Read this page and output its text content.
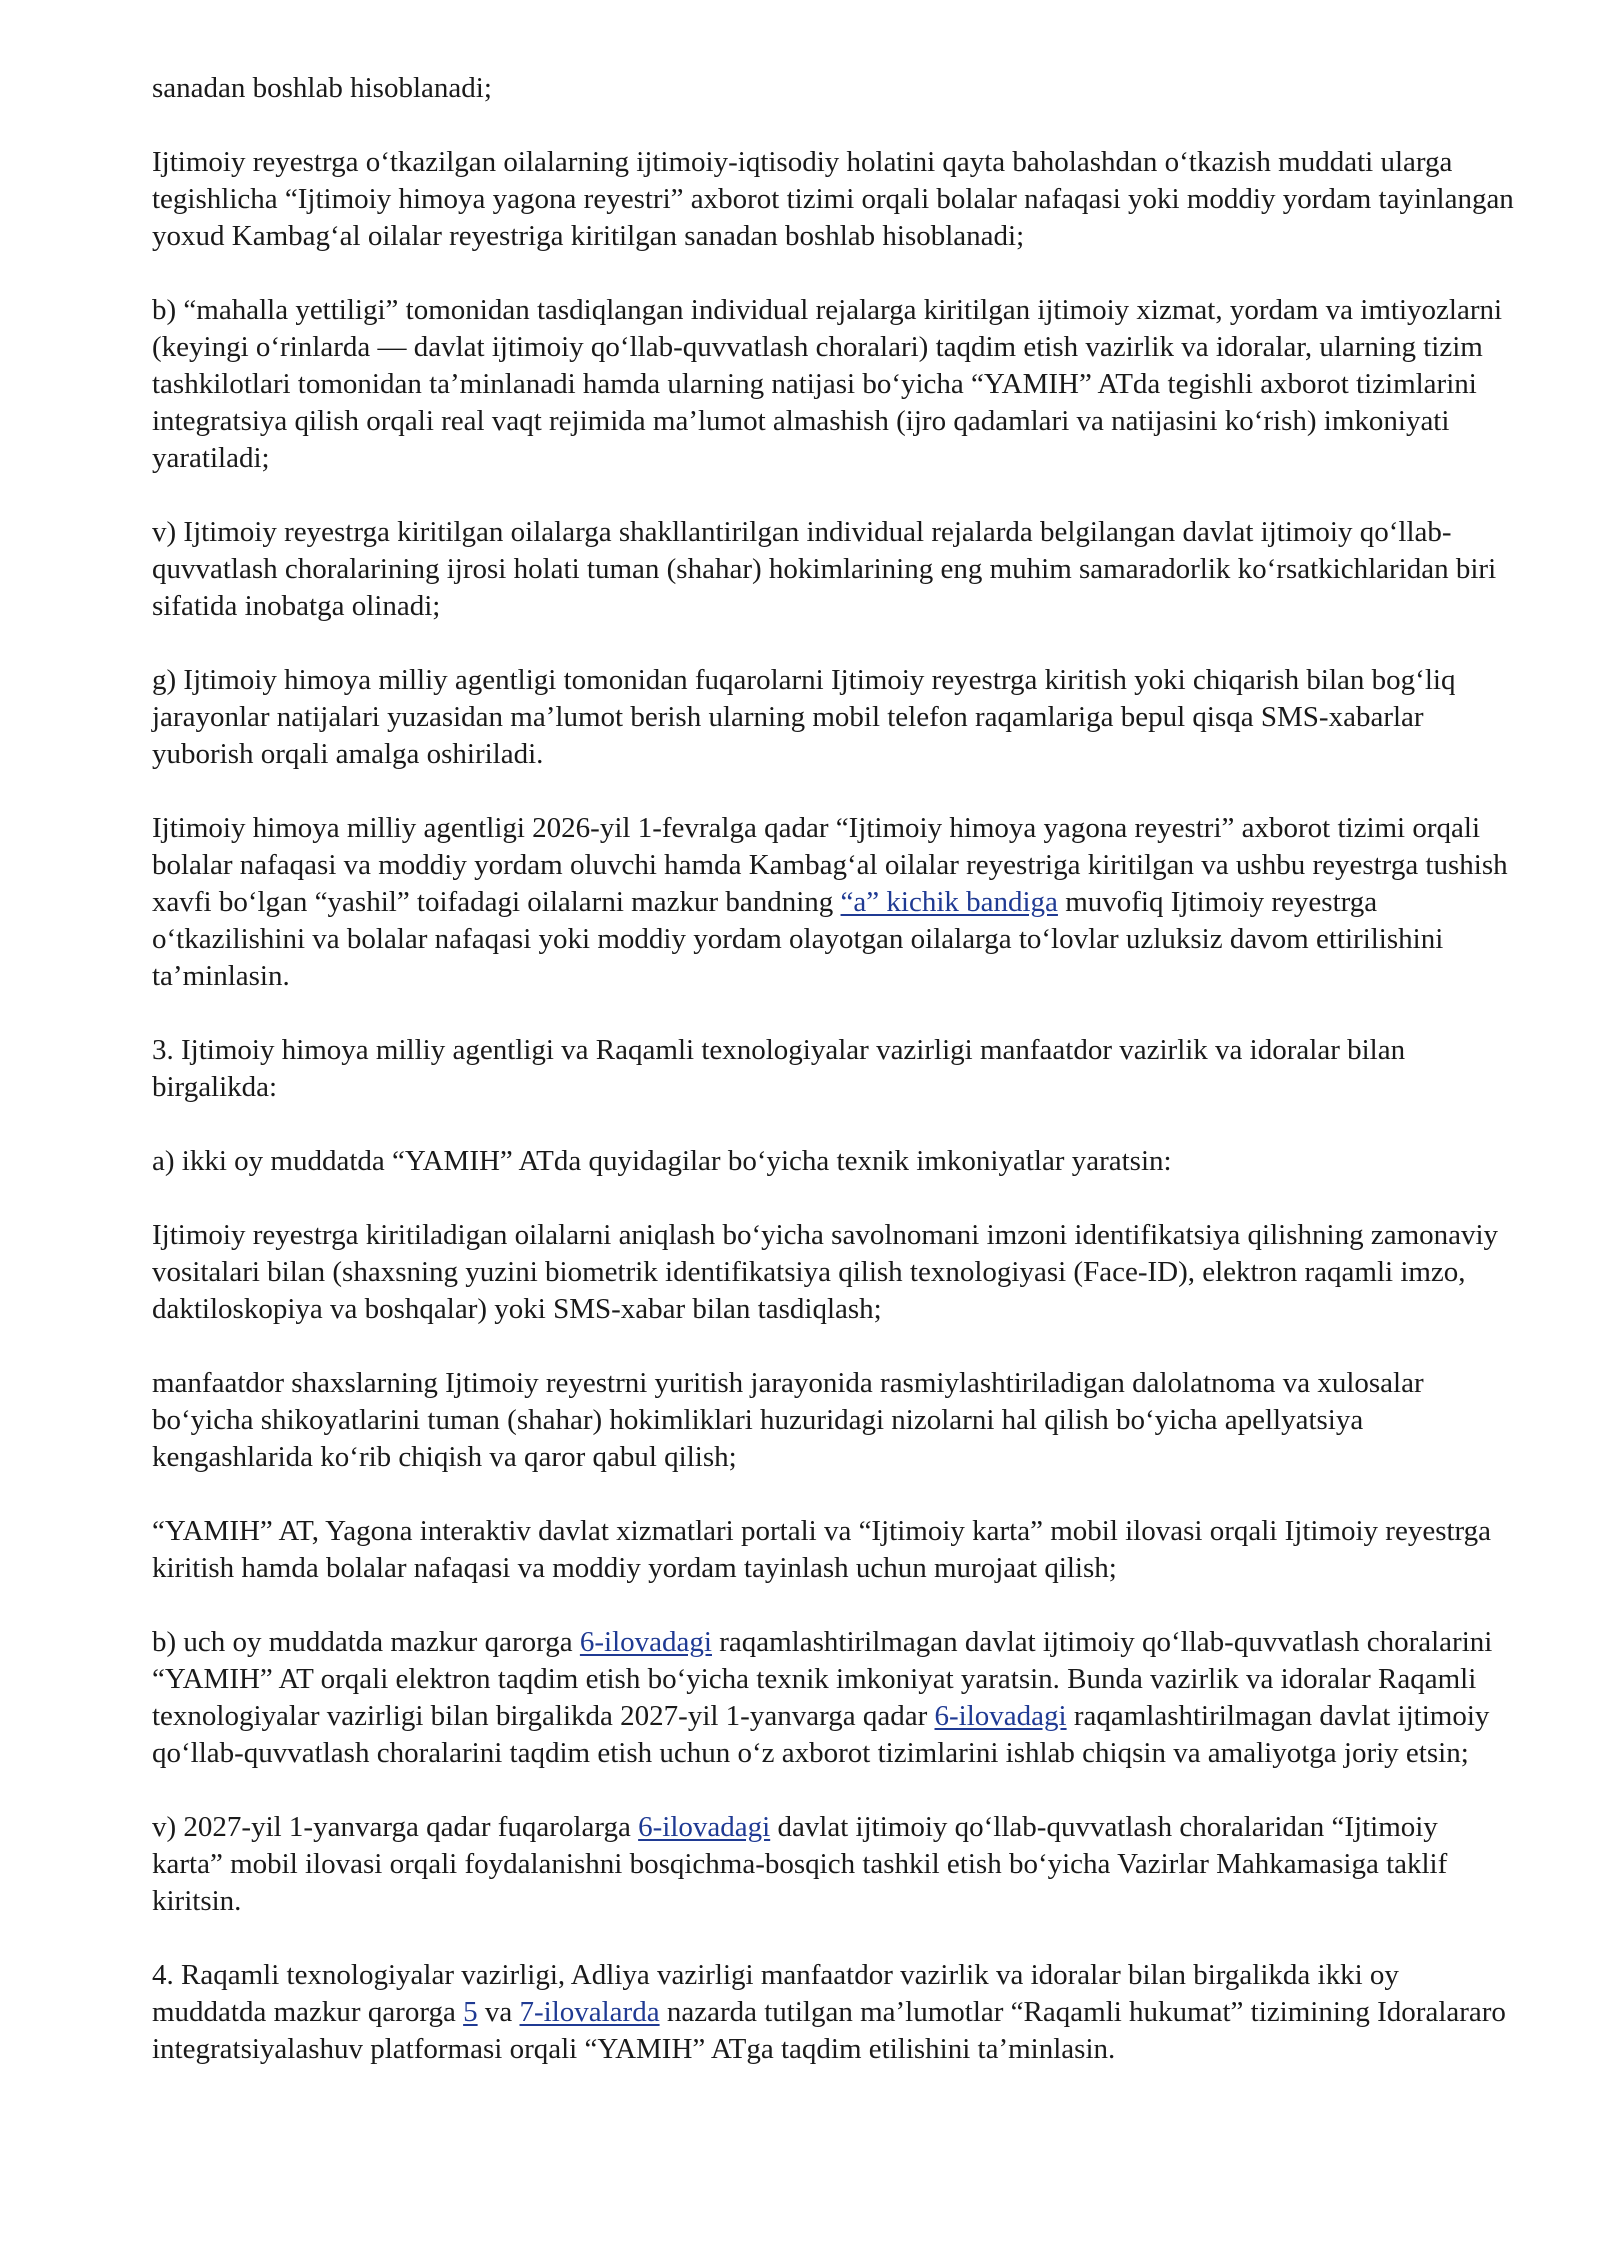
sanadan boshlab hisoblanadi;

Ijtimoiy reyestrga o‘tkazilgan oilalarning ijtimoiy-iqtisodiy holatini qayta baholashdan o‘tkazish muddati ularga tegishlicha “Ijtimoiy himoya yagona reyestri” axborot tizimi orqali bolalar nafaqasi yoki moddiy yordam tayinlangan yoxud Kambag‘al oilalar reyestriga kiritilgan sanadan boshlab hisoblanadi;

b) “mahalla yettiligi” tomonidan tasdiqlangan individual rejalarga kiritilgan ijtimoiy xizmat, yordam va imtiyozlarni (keyingi o‘rinlarda — davlat ijtimoiy qo‘llab-quvvatlash choralari) taqdim etish vazirlik va idoralar, ularning tizim tashkilotlari tomonidan ta’minlanadi hamda ularning natijasi bo‘yicha “YAMIH” ATda tegishli axborot tizimlarini integratsiya qilish orqali real vaqt rejimida ma’lumot almashish (ijro qadamlari va natijasini ko‘rish) imkoniyati yaratiladi;

v) Ijtimoiy reyestrga kiritilgan oilalarga shakllantirilgan individual rejalarda belgilangan davlat ijtimoiy qo‘llab-quvvatlash choralarining ijrosi holati tuman (shahar) hokimlarining eng muhim samaradorlik ko‘rsatkichlaridan biri sifatida inobatga olinadi;

g) Ijtimoiy himoya milliy agentligi tomonidan fuqarolarni Ijtimoiy reyestrga kiritish yoki chiqarish bilan bog‘liq jarayonlar natijalari yuzasidan ma’lumot berish ularning mobil telefon raqamlariga bepul qisqa SMS-xabarlar yuborish orqali amalga oshiriladi.

Ijtimoiy himoya milliy agentligi 2026-yil 1-fevralga qadar “Ijtimoiy himoya yagona reyestri” axborot tizimi orqali bolalar nafaqasi va moddiy yordam oluvchi hamda Kambag‘al oilalar reyestriga kiritilgan va ushbu reyestrga tushish xavfi bo‘lgan “yashil” toifadagi oilalarni mazkur bandning “a” kichik bandiga muvofiq Ijtimoiy reyestrga o‘tkazilishini va bolalar nafaqasi yoki moddiy yordam olayotgan oilalarga to‘lovlar uzluksiz davom ettirilishini ta’minlasin.

3. Ijtimoiy himoya milliy agentligi va Raqamli texnologiyalar vazirligi manfaatdor vazirlik va idoralar bilan birgalikda:

a) ikki oy muddatda “YAMIH” ATda quyidagilar bo‘yicha texnik imkoniyatlar yaratsin:

Ijtimoiy reyestrga kiritiladigan oilalarni aniqlash bo‘yicha savolnomani imzoni identifikatsiya qilishning zamonaviy vositalari bilan (shaxsning yuzini biometrik identifikatsiya qilish texnologiyasi (Face-ID), elektron raqamli imzo, daktiloskopiya va boshqalar) yoki SMS-xabar bilan tasdiqlash;

manfaatdor shaxslarning Ijtimoiy reyestrni yuritish jarayonida rasmiylashtiriladigan dalolatnoma va xulosalar bo‘yicha shikoyatlarini tuman (shahar) hokimliklari huzuridagi nizolarni hal qilish bo‘yicha apellyatsiya kengashlarida ko‘rib chiqish va qaror qabul qilish;

“YAMIH” AT, Yagona interaktiv davlat xizmatlari portali va “Ijtimoiy karta” mobil ilovasi orqali Ijtimoiy reyestrga kiritish hamda bolalar nafaqasi va moddiy yordam tayinlash uchun murojaat qilish;

b) uch oy muddatda mazkur qarorga 6-ilovadagi raqamlashtirilmagan davlat ijtimoiy qo‘llab-quvvatlash choralarini “YAMIH” AT orqali elektron taqdim etish bo‘yicha texnik imkoniyat yaratsin. Bunda vazirlik va idoralar Raqamli texnologiyalar vazirligi bilan birgalikda 2027-yil 1-yanvarga qadar 6-ilovadagi raqamlashtirilmagan davlat ijtimoiy qo‘llab-quvvatlash choralarini taqdim etish uchun o‘z axborot tizimlarini ishlab chiqsin va amaliyotga joriy etsin;

v) 2027-yil 1-yanvarga qadar fuqarolarga 6-ilovadagi davlat ijtimoiy qo‘llab-quvvatlash choralaridan “Ijtimoiy karta” mobil ilovasi orqali foydalanishni bosqichma-bosqich tashkil etish bo‘yicha Vazirlar Mahkamasiga taklif kiritsin.

4. Raqamli texnologiyalar vazirligi, Adliya vazirligi manfaatdor vazirlik va idoralar bilan birgalikda ikki oy muddatda mazkur qarorga 5 va 7-ilovalarda nazarda tutilgan ma’lumotlar “Raqamli hukumat” tizimining Idoralararo integratsiyalashuv platformasi orqali “YAMIH” ATga taqdim etilishini ta’minlasin.
